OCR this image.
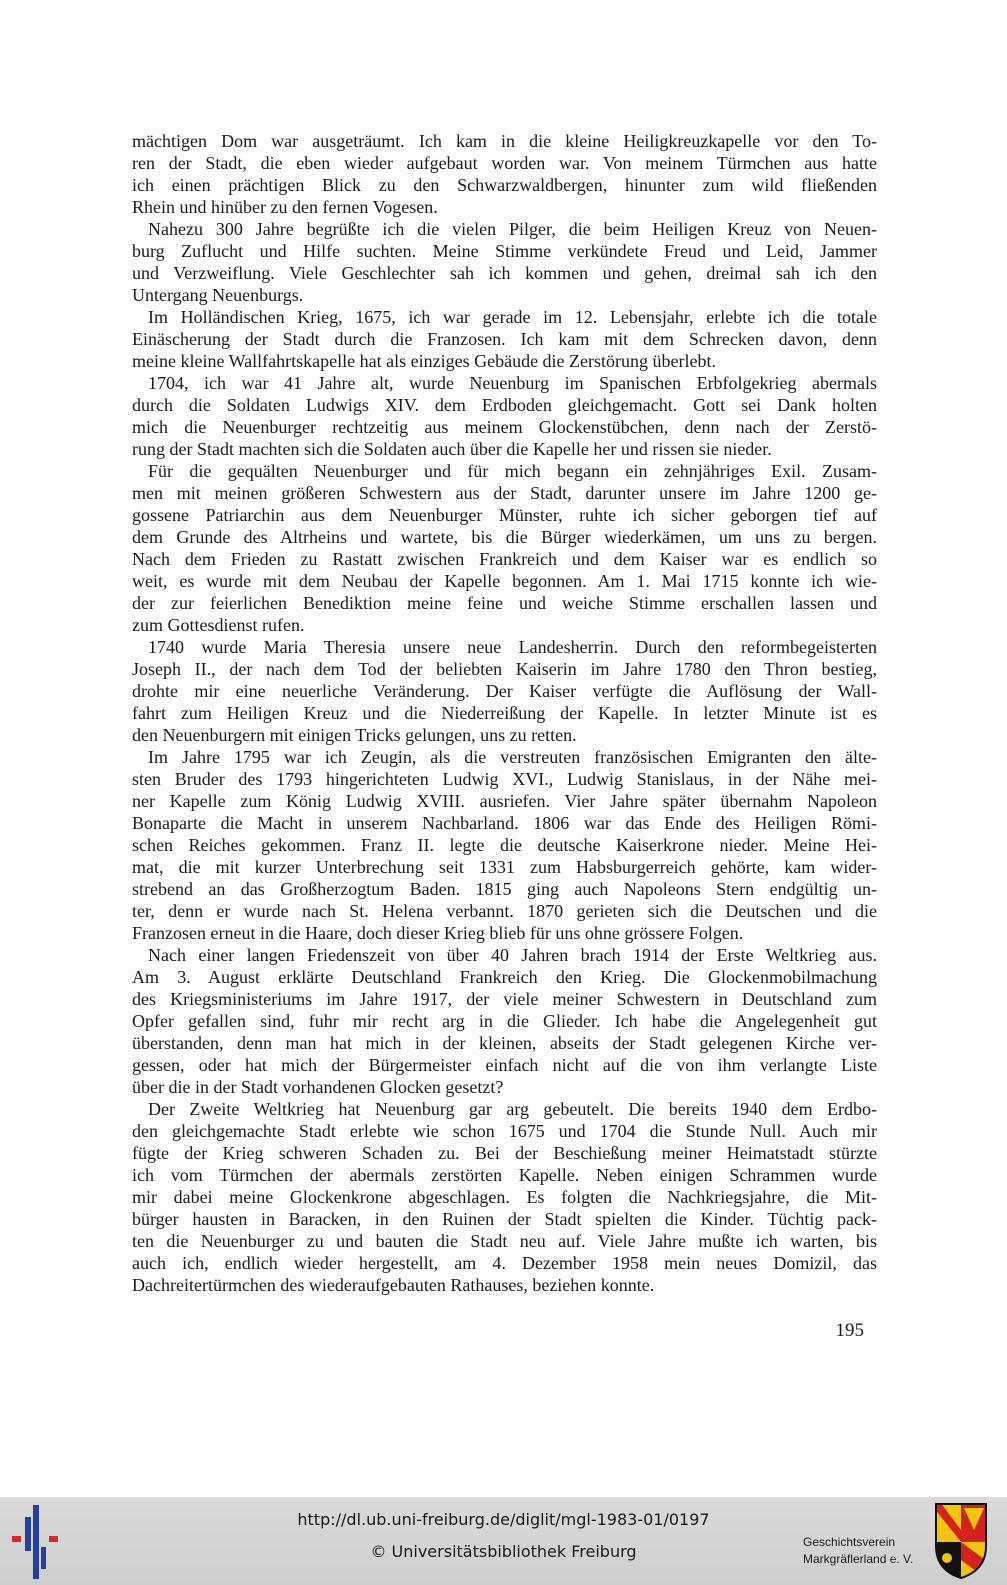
mächtigen Dom war ausgeträumt. Ich kam in die kleine Heiligkreuzkapelle vor den To-
ren der Stadt, die eben wieder aufgebaut worden war. Von meinem Türmchen aus hatte
ich einen prächtigen Blick zu den Schwarzwaldbergen, hinunter zum wild fließenden
Rhein und hinüber zu den fernen Vogesen.
Nahezu 300 Jahre begrüßte ich die vielen Pilger, die beim Heiligen Kreuz von Neuen-
burg Zuflucht und Hilfe suchten. Meine Stimme verkündete Freud und Leid, Jammer
und Verzweiflung. Viele Geschlechter sah ich kommen und gehen, dreimal sah ich den
Untergang Neuenburgs.
Im Holländischen Krieg, 1675, ich war gerade im 12. Lebensjahr, erlebte ich die totale
Einäscherung der Stadt durch die Franzosen. Ich kam mit dem Schrecken davon, denn
meine kleine Wallfahrtskapelle hat als einziges Gebäude die Zerstörung überlebt.
1704, ich war 41 Jahre alt, wurde Neuenburg im Spanischen Erbfolgekrieg abermals
durch die Soldaten Ludwigs XIV. dem Erdboden gleichgemacht. Gott sei Dank holten
mich die Neuenburger rechtzeitig aus meinem Glockenstübchen, denn nach der Zerstö-
rung der Stadt machten sich die Soldaten auch über die Kapelle her und rissen sie nieder.
Für die gequälten Neuenburger und für mich begann ein zehnjähriges Exil. Zusam-
men mit meinen größeren Schwestern aus der Stadt, darunter unsere im Jahre 1200 ge-
gossene Patriarchin aus dem Neuenburger Münster, ruhte ich sicher geborgen tief auf
dem Grunde des Altrheins und wartete, bis die Bürger wiederkämen, um uns zu bergen.
Nach dem Frieden zu Rastatt zwischen Frankreich und dem Kaiser war es endlich so
weit, es wurde mit dem Neubau der Kapelle begonnen. Am 1. Mai 1715 konnte ich wie-
der zur feierlichen Benediktion meine feine und weiche Stimme erschallen lassen und
zum Gottesdienst rufen.
1740 wurde Maria Theresia unsere neue Landesherrin. Durch den reformbegeisterten
Joseph II., der nach dem Tod der beliebten Kaiserin im Jahre 1780 den Thron bestieg,
drohte mir eine neuerliche Veränderung. Der Kaiser verfügte die Auflösung der Wall-
fahrt zum Heiligen Kreuz und die Niederreißung der Kapelle. In letzter Minute ist es
den Neuenburgern mit einigen Tricks gelungen, uns zu retten.
Im Jahre 1795 war ich Zeugin, als die verstreuten französischen Emigranten den älte-
sten Bruder des 1793 hingerichteten Ludwig XVI., Ludwig Stanislaus, in der Nähe mei-
ner Kapelle zum König Ludwig XVIII. ausriefen. Vier Jahre später übernahm Napoleon
Bonaparte die Macht in unserem Nachbarland. 1806 war das Ende des Heiligen Römi-
schen Reiches gekommen. Franz II. legte die deutsche Kaiserkrone nieder. Meine Hei-
mat, die mit kurzer Unterbrechung seit 1331 zum Habsburgerreich gehörte, kam wider-
strebend an das Großherzogtum Baden. 1815 ging auch Napoleons Stern endgültig un-
ter, denn er wurde nach St. Helena verbannt. 1870 gerieten sich die Deutschen und die
Franzosen erneut in die Haare, doch dieser Krieg blieb für uns ohne grössere Folgen.
Nach einer langen Friedenszeit von über 40 Jahren brach 1914 der Erste Weltkrieg aus.
Am 3. August erklärte Deutschland Frankreich den Krieg. Die Glockenmobilmachung
des Kriegsministeriums im Jahre 1917, der viele meiner Schwestern in Deutschland zum
Opfer gefallen sind, fuhr mir recht arg in die Glieder. Ich habe die Angelegenheit gut
überstanden, denn man hat mich in der kleinen, abseits der Stadt gelegenen Kirche ver-
gessen, oder hat mich der Bürgermeister einfach nicht auf die von ihm verlangte Liste
über die in der Stadt vorhandenen Glocken gesetzt?
Der Zweite Weltkrieg hat Neuenburg gar arg gebeutelt. Die bereits 1940 dem Erdbo-
den gleichgemachte Stadt erlebte wie schon 1675 und 1704 die Stunde Null. Auch mir
fügte der Krieg schweren Schaden zu. Bei der Beschießung meiner Heimatstadt stürzte
ich vom Türmchen der abermals zerstörten Kapelle. Neben einigen Schrammen wurde
mir dabei meine Glockenkrone abgeschlagen. Es folgten die Nachkriegsjahre, die Mit-
bürger hausten in Baracken, in den Ruinen der Stadt spielten die Kinder. Tüchtig pack-
ten die Neuenburger zu und bauten die Stadt neu auf. Viele Jahre mußte ich warten, bis
auch ich, endlich wieder hergestellt, am 4. Dezember 1958 mein neues Domizil, das
Dachreitertürmchen des wiederaufgebauten Rathauses, beziehen konnte.
195
http://dl.ub.uni-freiburg.de/diglit/mgl-1983-01/0197
© Universitätsbibliothek Freiburg	Geschichtsverein
Markgräflerland e. V.
